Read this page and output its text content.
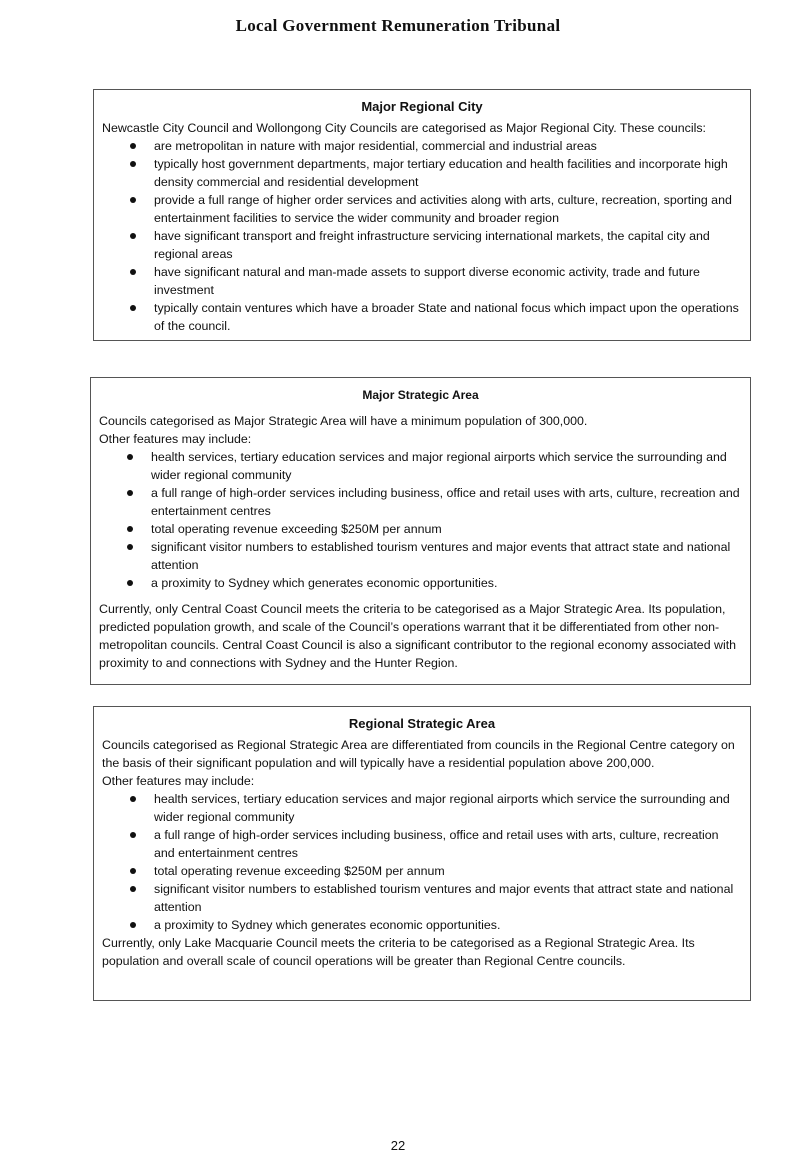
Local Government Remuneration Tribunal
Major Regional City

Newcastle City Council and Wollongong City Councils are categorised as Major Regional City. These councils:

are metropolitan in nature with major residential, commercial and industrial areas
typically host government departments, major tertiary education and health facilities and incorporate high density commercial and residential development
provide a full range of higher order services and activities along with arts, culture, recreation, sporting and entertainment facilities to service the wider community and broader region
have significant transport and freight infrastructure servicing international markets, the capital city and regional areas
have significant natural and man-made assets to support diverse economic activity, trade and future investment
typically contain ventures which have a broader State and national focus which impact upon the operations of the council.
Major Strategic Area

Councils categorised as Major Strategic Area will have a minimum population of 300,000.

Other features may include:

health services, tertiary education services and major regional airports which service the surrounding and wider regional community
a full range of high-order services including business, office and retail uses with arts, culture, recreation and entertainment centres
total operating revenue exceeding $250M per annum
significant visitor numbers to established tourism ventures and major events that attract state and national attention
a proximity to Sydney which generates economic opportunities.

Currently, only Central Coast Council meets the criteria to be categorised as a Major Strategic Area. Its population, predicted population growth, and scale of the Council’s operations warrant that it be differentiated from other non-metropolitan councils. Central Coast Council is also a significant contributor to the regional economy associated with proximity to and connections with Sydney and the Hunter Region.

Regional Strategic Area

Councils categorised as Regional Strategic Area are differentiated from councils in the Regional Centre category on the basis of their significant population and will typically have a residential population above 200,000.

Other features may include:

health services, tertiary education services and major regional airports which service the surrounding and wider regional community
a full range of high-order services including business, office and retail uses with arts, culture, recreation and entertainment centres
total operating revenue exceeding $250M per annum
significant visitor numbers to established tourism ventures and major events that attract state and national attention
a proximity to Sydney which generates economic opportunities.

Currently, only Lake Macquarie Council meets the criteria to be categorised as a Regional Strategic Area. Its population and overall scale of council operations will be greater than Regional Centre councils.

22
